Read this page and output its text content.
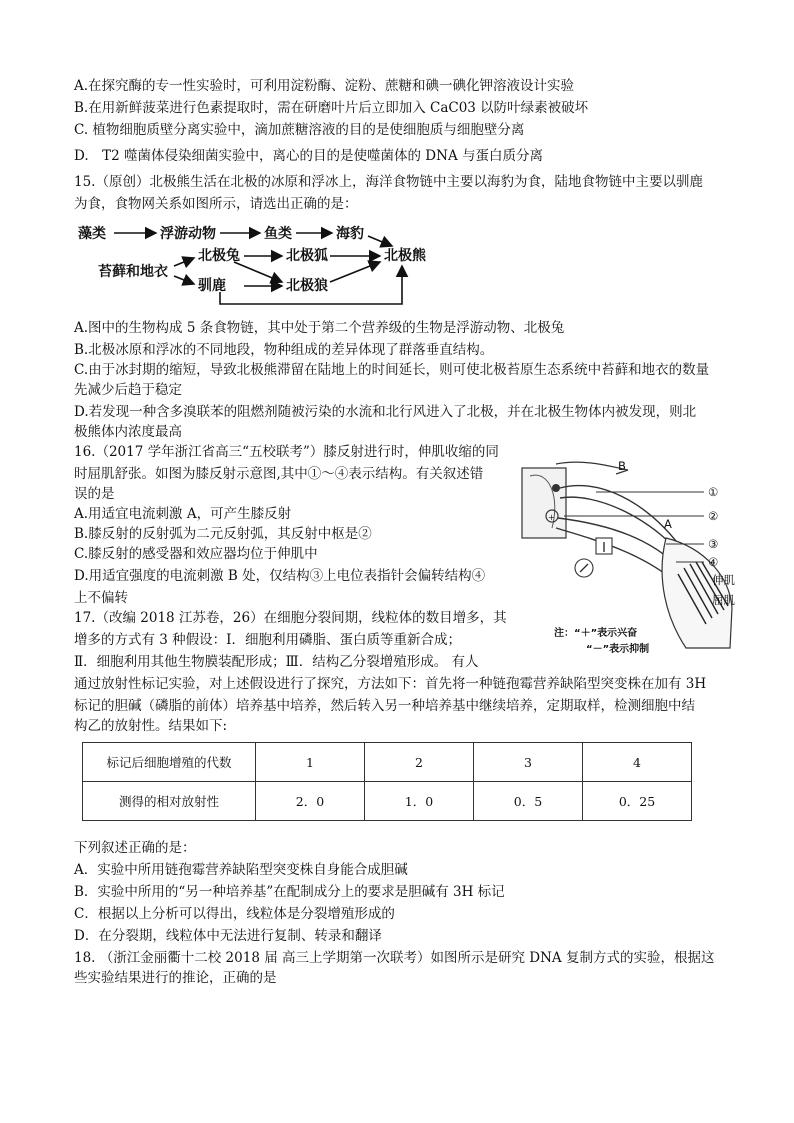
A.在探究酶的专一性实验时，可利用淀粉酶、淀粉、蔗糖和碘一碘化钾溶液设计实验
B.在用新鲜菠菜进行色素提取时，需在研磨叶片后立即加入 CaC03 以防叶绿素被破坏
C. 植物细胞质壁分离实验中，滴加蔗糖溶液的目的是使细胞质与细胞壁分离
D.　T2 噬菌体侵染细菌实验中，离心的目的是使噬菌体的 DNA 与蛋白质分离
15.（原创）北极熊生活在北极的冰原和浮冰上，海洋食物链中主要以海豹为食，陆地食物链中主要以驯鹿
为食，食物网关系如图所示，请选出正确的是：
藻类	浮游动物	鱼类	海豹
苔藓和地衣
北极兔	北极狐	北极熊
驯鹿	北极狼
A.图中的生物构成 5 条食物链，其中处于第二个营养级的生物是浮游动物、北极兔
B.北极冰原和浮冰的不同地段，物种组成的差异体现了群落垂直结构。
C.由于冰封期的缩短，导致北极熊滞留在陆地上的时间延长，则可使北极苔原生态系统中苔藓和地衣的数量
先减少后趋于稳定
D.若发现一种含多溴联苯的阻燃剂随被污染的水流和北行风进入了北极，并在北极生物体内被发现，则北
极熊体内浓度最高
16.（2017 学年浙江省高三“五校联考”）膝反射进行时，伸肌收缩的同
时屈肌舒张。如图为膝反射示意图,其中①～④表示结构。有关叙述错
误的是
A.用适宜电流刺激 A，可产生膝反射
B.膝反射的反射弧为二元反射弧，其反射中枢是②
C.膝反射的感受器和效应器均位于伸肌中
D.用适宜强度的电流刺激 B 处，仅结构③上电位表指针会偏转结构④
上不偏转
+
B
A
①
②
③
④
伸肌
屈肌
注：“＋”表示兴奋
“－”表示抑制
17.（改编 2018 江苏卷，26）在细胞分裂间期，线粒体的数目增多，其
增多的方式有 3 种假设：Ⅰ．细胞利用磷脂、蛋白质等重新合成；
Ⅱ．细胞利用其他生物膜装配形成；Ⅲ．结构乙分裂增殖形成。 有人
通过放射性标记实验，对上述假设进行了探究，方法如下：首先将一种链孢霉营养缺陷型突变株在加有 3H
标记的胆碱（磷脂的前体）培养基中培养，然后转入另一种培养基中继续培养，定期取样，检测细胞中结
构乙的放射性。结果如下:
标记后细胞增殖的代数	1	2	3	4
测得的相对放射性	2．0	1．0	0．5	0．25
下列叙述正确的是：
A．实验中所用链孢霉营养缺陷型突变株自身能合成胆碱
B．实验中所用的“另一种培养基”在配制成分上的要求是胆碱有 3H 标记
C．根据以上分析可以得出，线粒体是分裂增殖形成的
D．在分裂期，线粒体中无法进行复制、转录和翻译
18. （浙江金丽衢十二校 2018 届 高三上学期第一次联考）如图所示是研究 DNA 复制方式的实验，根据这
些实验结果进行的推论，正确的是
